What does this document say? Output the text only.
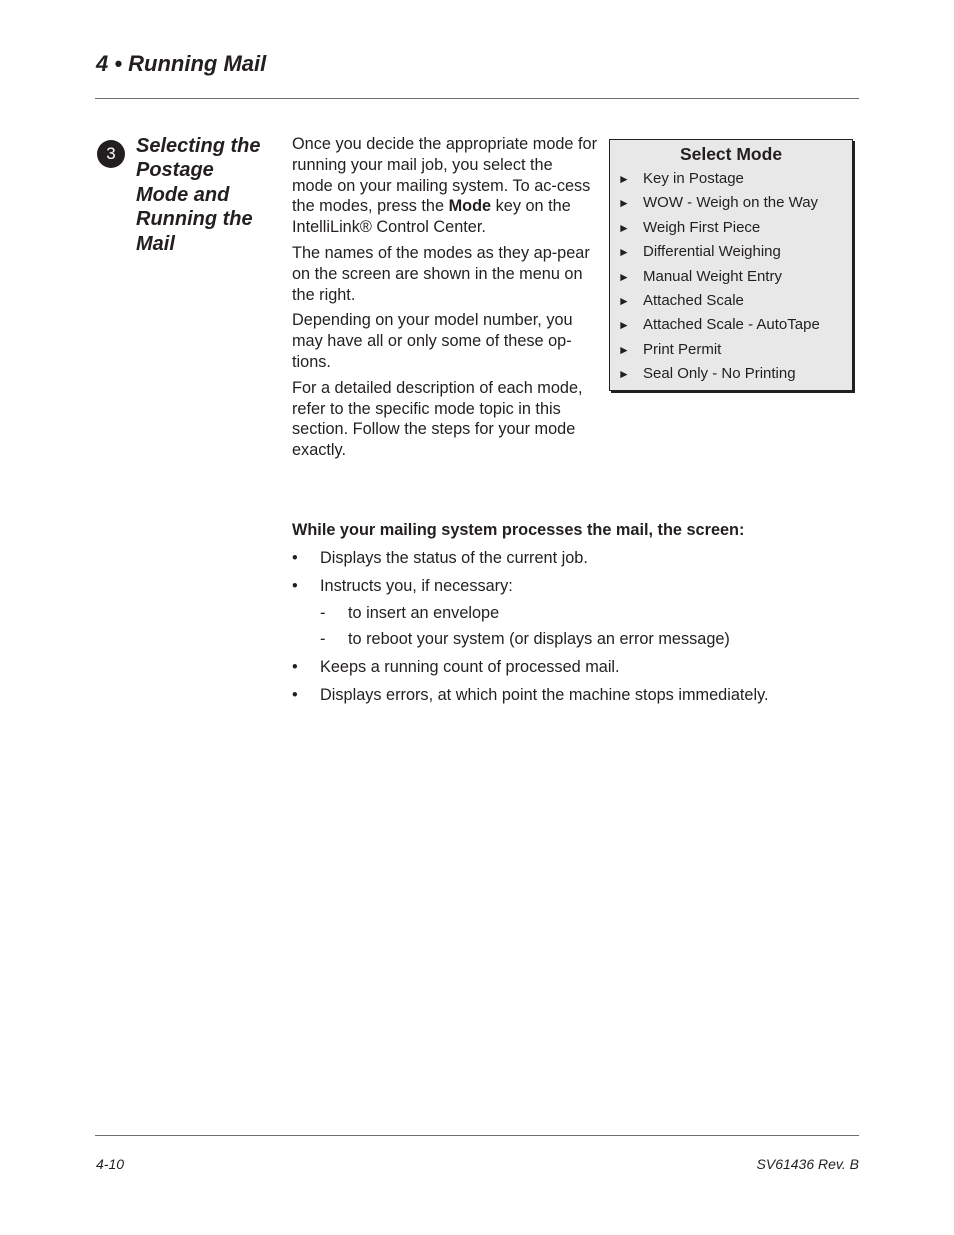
4 • Running Mail
3	Selecting the Postage Mode and Running the Mail

Once you decide the appropriate mode for running your mail job, you select the mode on your mailing system. To ac-cess the modes, press the Mode key on the IntelliLink® Control Center.

The names of the modes as they ap-pear on the screen are shown in the menu on the right.

Depending on your model number, you may have all or only some of these op-tions.

For a detailed description of each mode, refer to the specific mode topic in this section. Follow the steps for your mode exactly.

Select Mode
► Key in Postage
► WOW - Weigh on the Way
► Weigh First Piece
► Differential Weighing
► Manual Weight Entry
► Attached Scale
► Attached Scale - AutoTape
► Print Permit
► Seal Only - No Printing

While your mailing system processes the mail, the screen:

• Displays the status of the current job.
• Instructs you, if necessary:
- to insert an envelope
- to reboot your system (or displays an error message)
• Keeps a running count of processed mail.
• Displays errors, at which point the machine stops immediately.
4-10	SV61436 Rev. B
